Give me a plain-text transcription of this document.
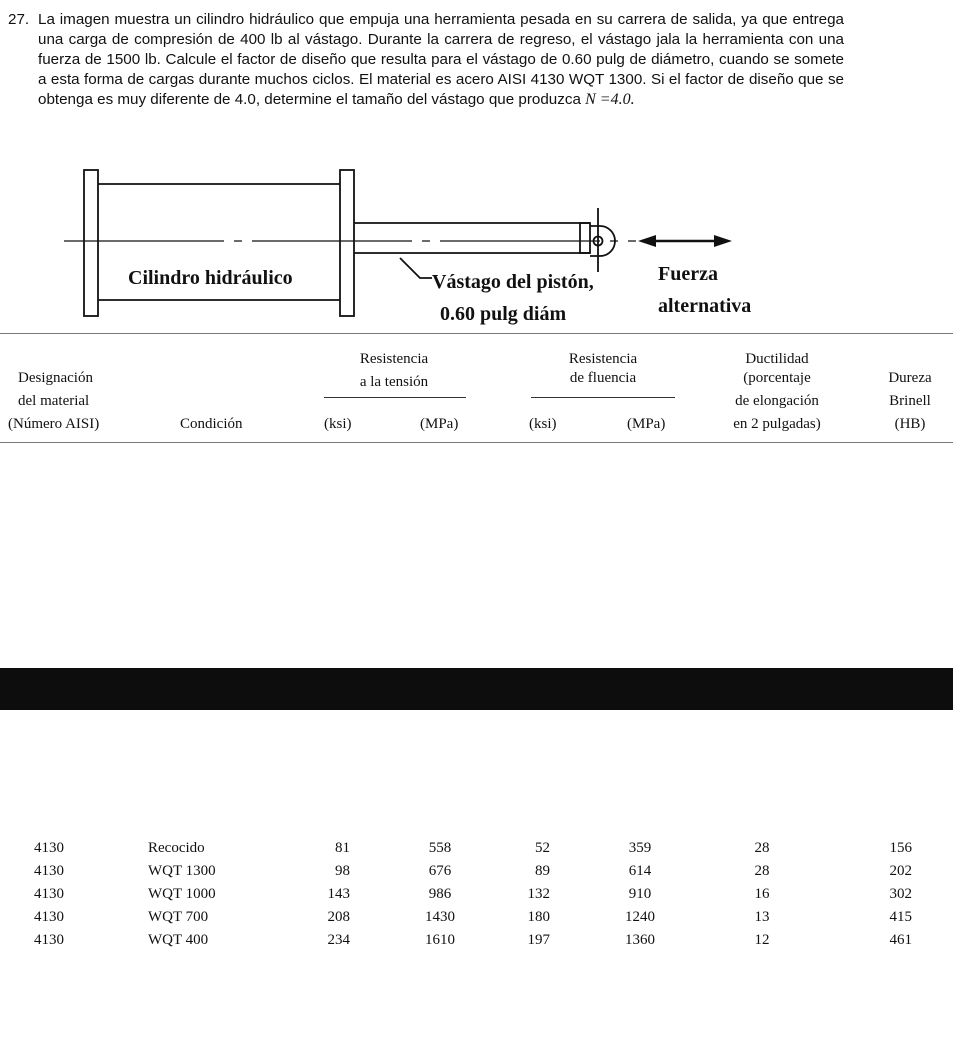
27. La imagen muestra un cilindro hidráulico que empuja una herramienta pesada en su carrera de salida, ya que entrega una carga de compresión de 400 lb al vástago. Durante la carrera de regreso, el vástago jala la herramienta con una fuerza de 1500 lb. Calcule el factor de diseño que resulta para el vástago de 0.60 pulg de diámetro, cuando se somete a esta forma de cargas durante muchos ciclos. El material es acero AISI 4130 WQT 1300. Si el factor de diseño que se obtenga es muy diferente de 4.0, determine el tamaño del vástago que produzca N =4.0.
Cilindro hidráulico	Vástago del pistón,
0.60 pulg diám
Fuerza
alternativa
Designación
del material
(Número AISI)	Condición
Resistencia
a la tensión
(ksi)	(MPa)
Resistencia
de fluencia
(ksi)	(MPa)
Ductilidad
(porcentaje
de elongación
en 2 pulgadas)
Dureza
Brinell
(HB)
4130	Recocido	81	558	52	359	28	156
4130	WQT 1300	98	676	89	614	28	202
4130	WQT 1000	143	986	132	910	16	302
4130	WQT 700	208	1430	180	1240	13	415
4130	WQT 400	234	1610	197	1360	12	461
